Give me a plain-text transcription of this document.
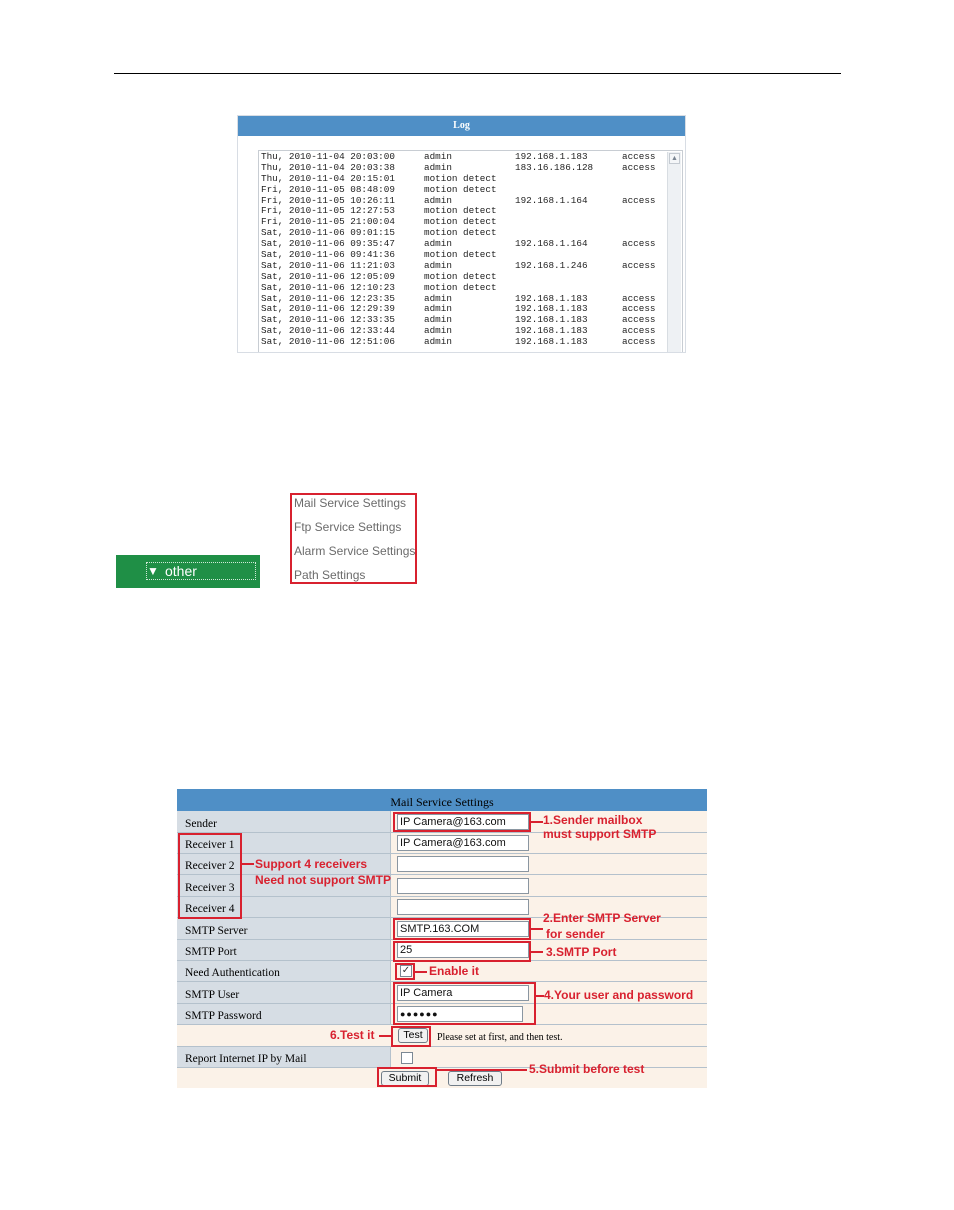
Log
Thu, 2010-11-04 20:03:00	admin	192.168.1.183	access
Thu, 2010-11-04 20:03:38	admin	183.16.186.128	access
Thu, 2010-11-04 20:15:01	motion detect
Fri, 2010-11-05 08:48:09	motion detect
Fri, 2010-11-05 10:26:11	admin	192.168.1.164	access
Fri, 2010-11-05 12:27:53	motion detect
Fri, 2010-11-05 21:00:04	motion detect
Sat, 2010-11-06 09:01:15	motion detect
Sat, 2010-11-06 09:35:47	admin	192.168.1.164	access
Sat, 2010-11-06 09:41:36	motion detect
Sat, 2010-11-06 11:21:03	admin	192.168.1.246	access
Sat, 2010-11-06 12:05:09	motion detect
Sat, 2010-11-06 12:10:23	motion detect
Sat, 2010-11-06 12:23:35	admin	192.168.1.183	access
Sat, 2010-11-06 12:29:39	admin	192.168.1.183	access
Sat, 2010-11-06 12:33:35	admin	192.168.1.183	access
Sat, 2010-11-06 12:33:44	admin	192.168.1.183	access
Sat, 2010-11-06 12:51:06	admin	192.168.1.183	access
▲
▼ other
Mail Service Settings
Ftp Service Settings
Alarm Service Settings
Path Settings
Mail Service Settings
Sender	IP Camera@163.com
Receiver 1	IP Camera@163.com
Receiver 2
Receiver 3
Receiver 4
SMTP Server	SMTP.163.COM
SMTP Port	25
Need Authentication	✓
SMTP User	IP Camera
SMTP Password	●●●●●●
Test	Please set at first, and then test.
Report Internet IP by Mail
Submit	Refresh
1.Sender mailbox
must support SMTP
Support 4 receivers
Need not support SMTP
2.Enter SMTP Server
for sender
3.SMTP Port
Enable it
4.Your user and password
6.Test it
5.Submit before test
